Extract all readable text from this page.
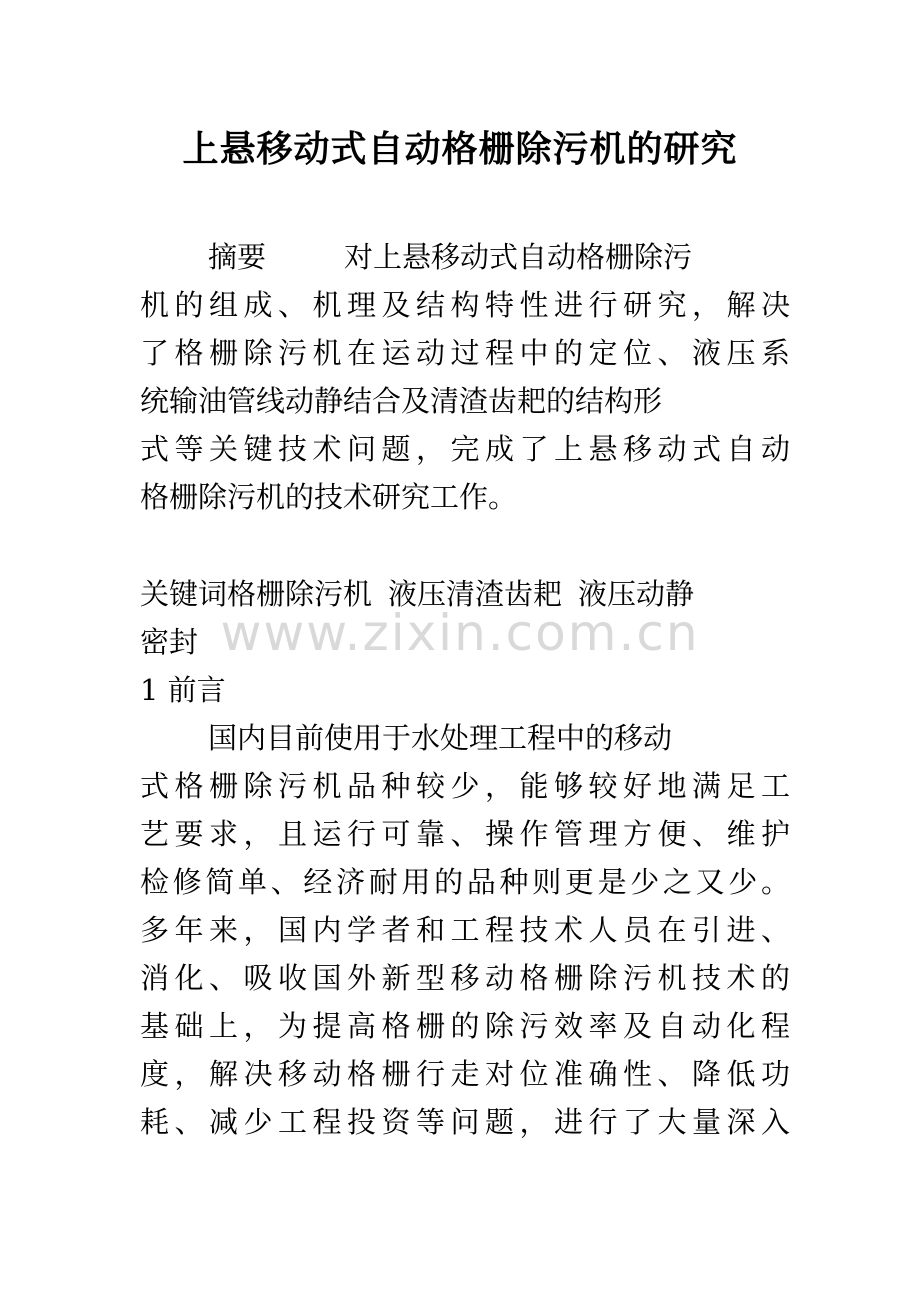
上悬移动式自动格栅除污机的研究
摘要	对上悬移动式自动格栅除污
机的组成、机理及结构特性进行研究，解决
了格栅除污机在运动过程中的定位、液压系
统输油管线动静结合及清渣齿耙的结构形
式等关键技术问题，完成了上悬移动式自动
格栅除污机的技术研究工作。
关键词格栅除污机 液压清渣齿耙 液压动静
密封
1 前言
国内目前使用于水处理工程中的移动
式格栅除污机品种较少，能够较好地满足工
艺要求，且运行可靠、操作管理方便、维护
检修简单、经济耐用的品种则更是少之又少。
多年来，国内学者和工程技术人员在引进、
消化、吸收国外新型移动格栅除污机技术的
基础上，为提高格栅的除污效率及自动化程
度，解决移动格栅行走对位准确性、降低功
耗、减少工程投资等问题，进行了大量深入
www.zixin.com.cn
